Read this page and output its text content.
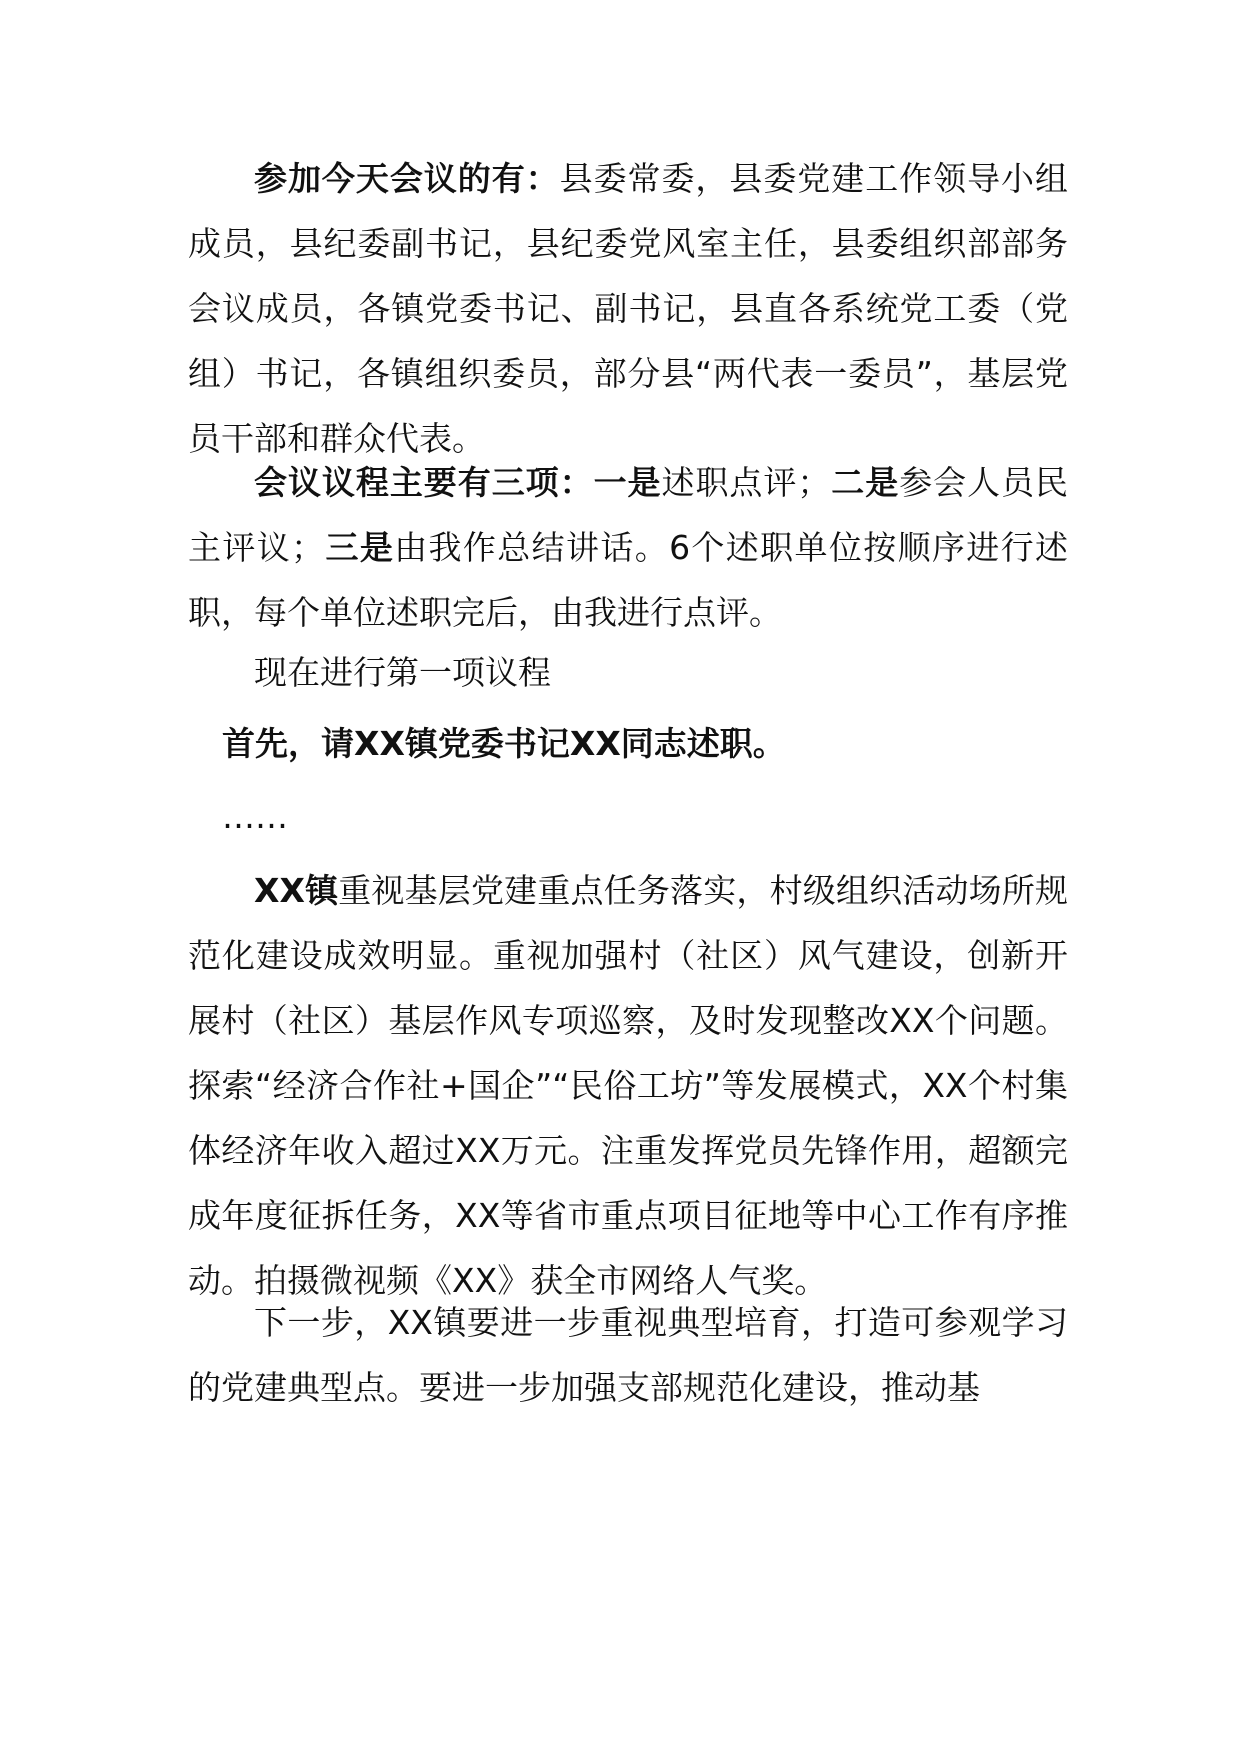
参加今天会议的有：县委常委，县委党建工作领导小组成员，县纪委副书记，县纪委党风室主任，县委组织部部务会议成员，各镇党委书记、副书记，县直各系统党工委（党组）书记，各镇组织委员，部分县“两代表一委员”，基层党员干部和群众代表。

会议议程主要有三项：一是述职点评；二是参会人员民主评议；三是由我作总结讲话。6个述职单位按顺序进行述职，每个单位述职完后，由我进行点评。

现在进行第一项议程

首先，请XX镇党委书记XX同志述职。

……

XX镇重视基层党建重点任务落实，村级组织活动场所规范化建设成效明显。重视加强村（社区）风气建设，创新开展村（社区）基层作风专项巡察，及时发现整改XX个问题。探索“经济合作社+国企”“民俗工坊”等发展模式，XX个村集体经济年收入超过XX万元。注重发挥党员先锋作用，超额完成年度征拆任务，XX等省市重点项目征地等中心工作有序推动。拍摄微视频《XX》获全市网络人气奖。

下一步，XX镇要进一步重视典型培育，打造可参观学习的党建典型点。要进一步加强支部规范化建设，推动基
